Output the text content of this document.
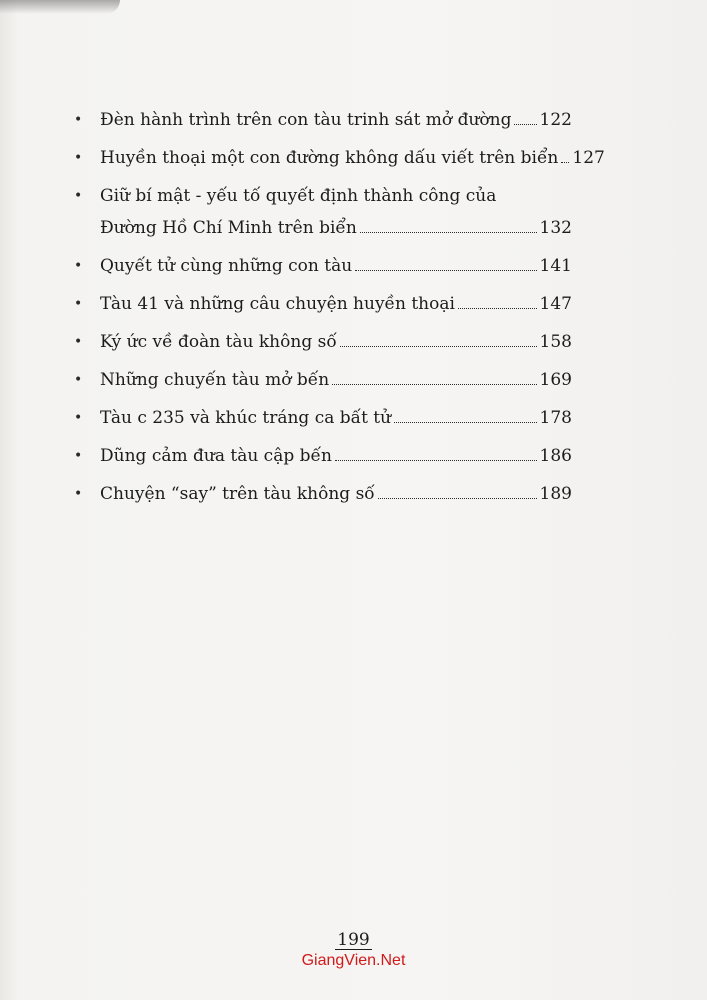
• Đèn hành trình trên con tàu trinh sát mở đường 122
• Huyền thoại một con đường không dấu viết trên biển 127
• Giữ bí mật - yếu tố quyết định thành công của
Đường Hồ Chí Minh trên biển	132
• Quyết tử cùng những con tàu	141
• Tàu 41 và những câu chuyện huyền thoại	147
• Ký ức về đoàn tàu không số	158
• Những chuyến tàu mở bến	169
• Tàu c 235 và khúc tráng ca bất tử	178
• Dũng cảm đưa tàu cập bến	186
• Chuyện “say” trên tàu không số	189
199
GiangVien.Net
